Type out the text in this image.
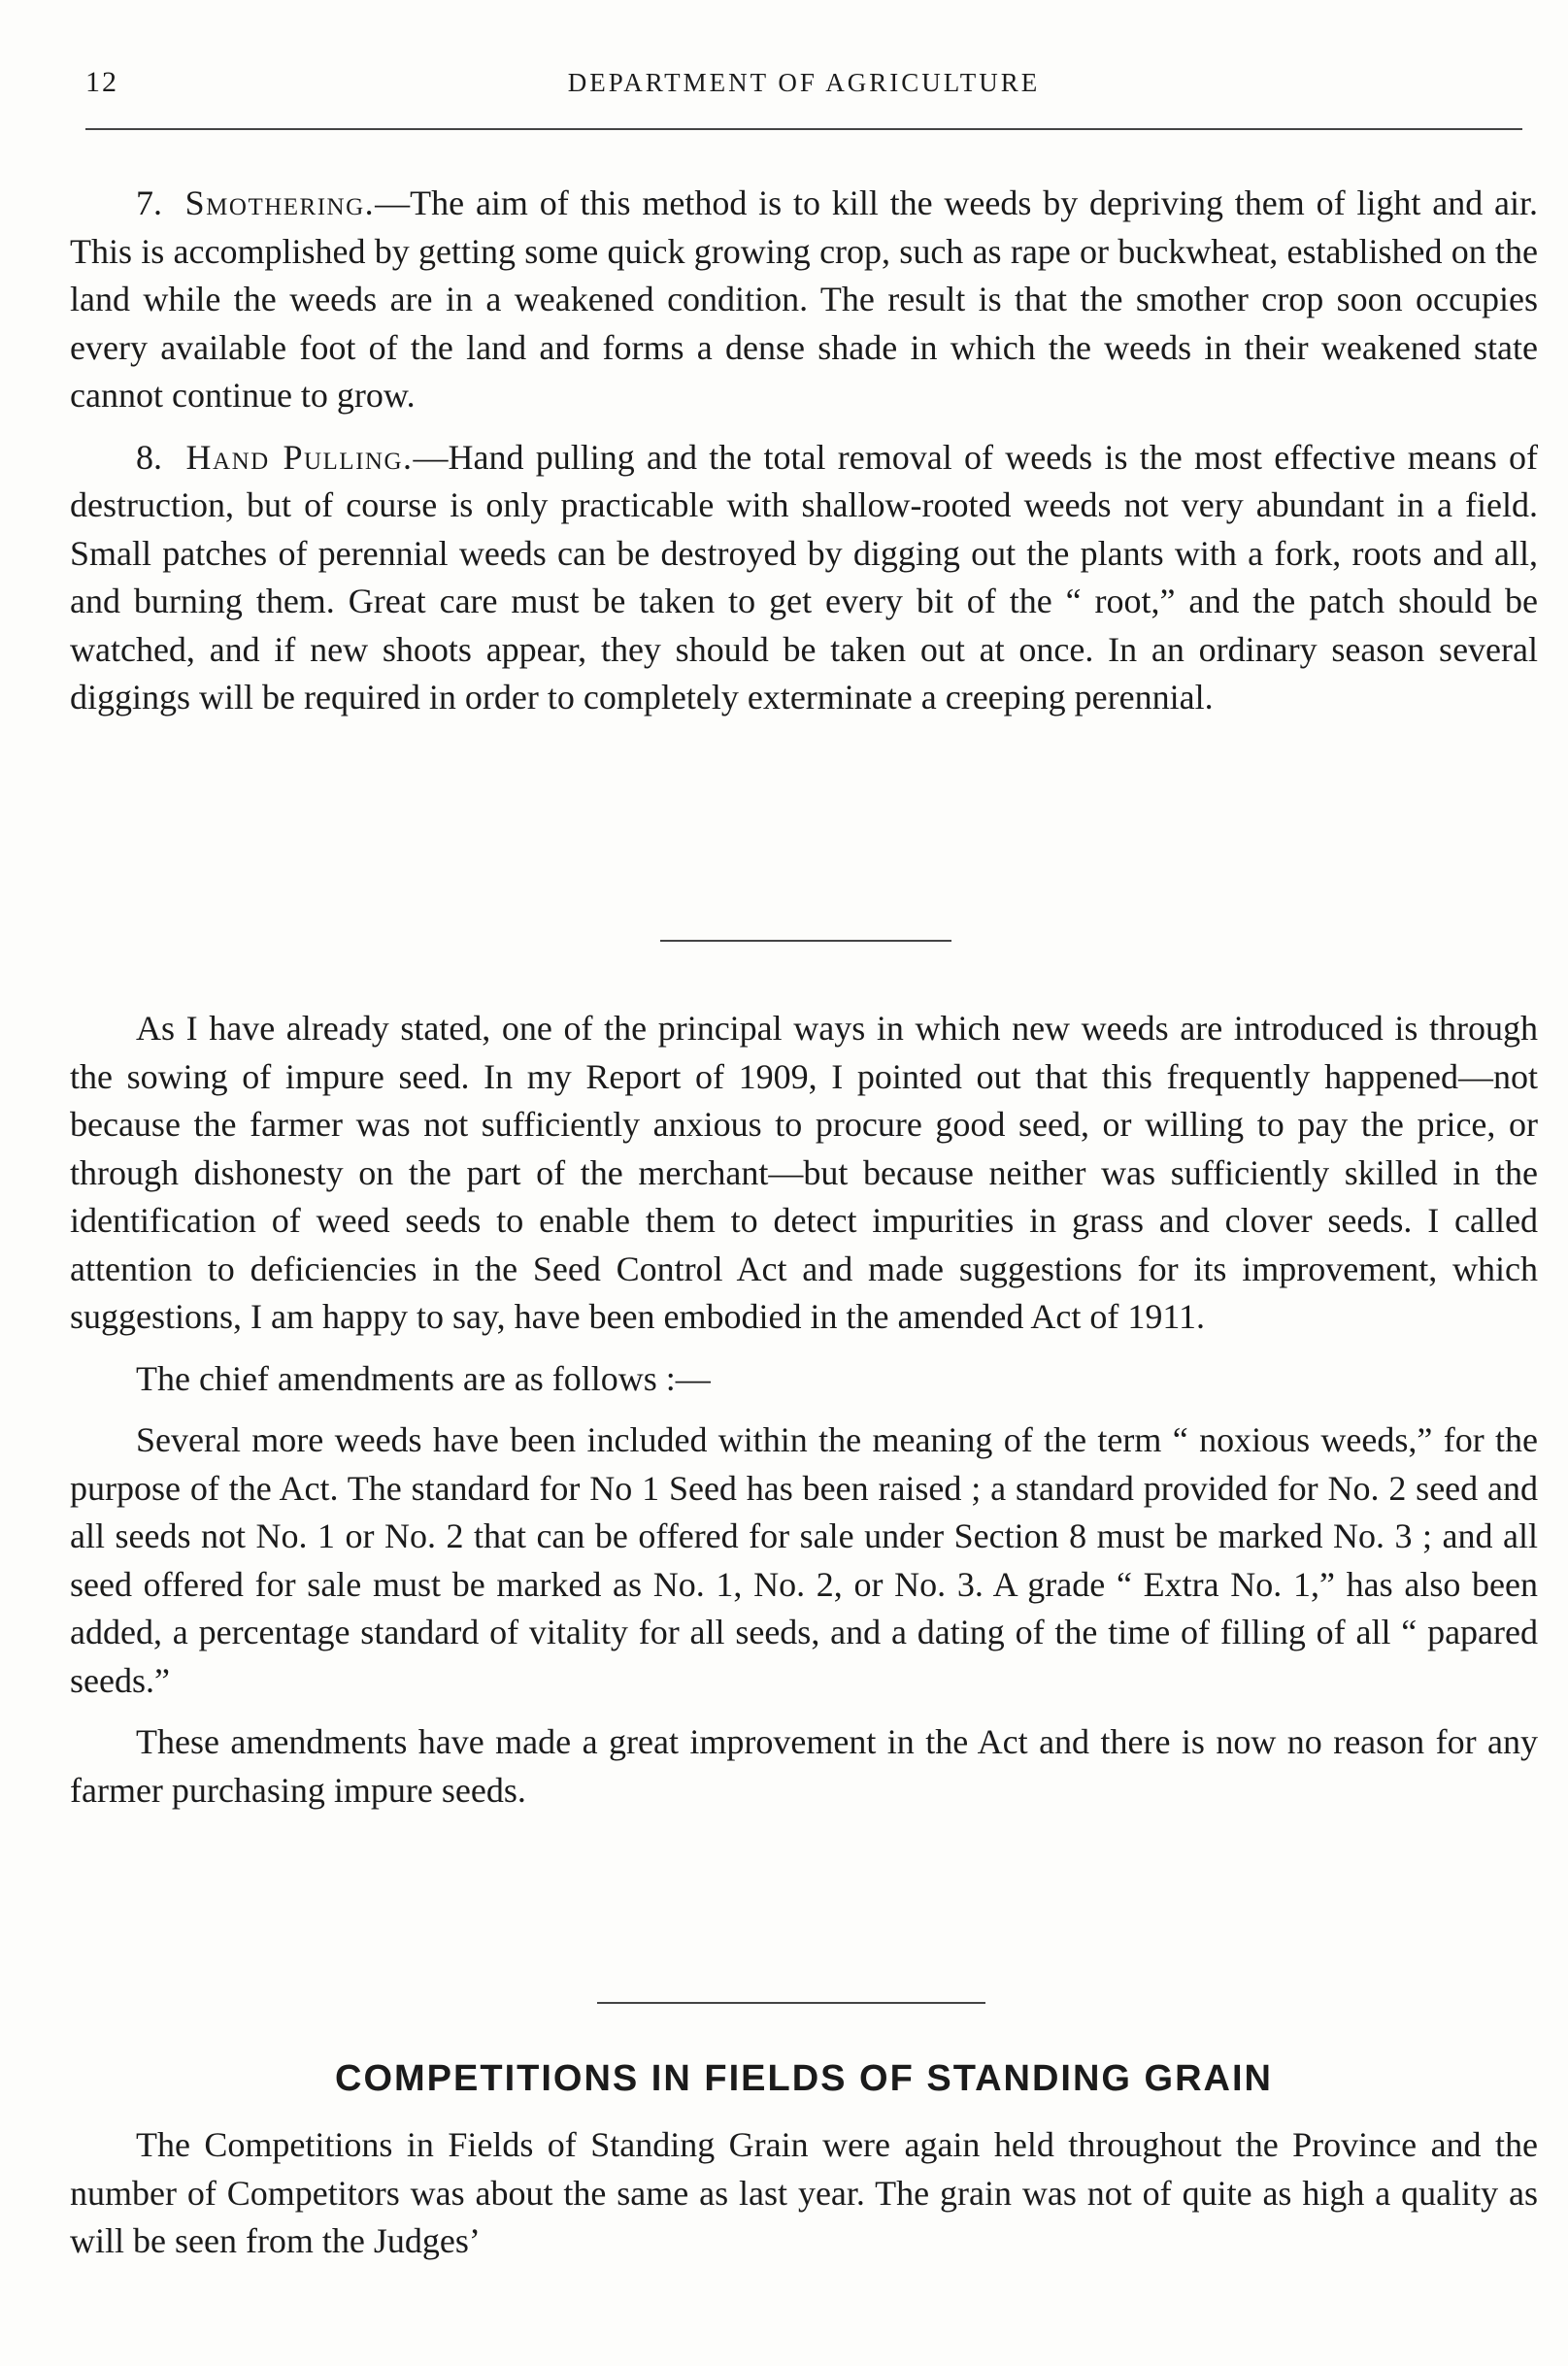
12	DEPARTMENT OF AGRICULTURE

7. Smothering.—The aim of this method is to kill the weeds by depriving them of light and air. This is accomplished by getting some quick growing crop, such as rape or buckwheat, established on the land while the weeds are in a weakened condition. The result is that the smother crop soon occupies every available foot of the land and forms a dense shade in which the weeds in their weakened state cannot continue to grow.

8. Hand Pulling.—Hand pulling and the total removal of weeds is the most effective means of destruction, but of course is only practicable with shallow-rooted weeds not very abundant in a field. Small patches of perennial weeds can be destroyed by digging out the plants with a fork, roots and all, and burning them. Great care must be taken to get every bit of the “ root,” and the patch should be watched, and if new shoots appear, they should be taken out at once. In an ordinary season several diggings will be required in order to completely exterminate a creeping perennial.

As I have already stated, one of the principal ways in which new weeds are introduced is through the sowing of impure seed. In my Report of 1909, I pointed out that this frequently happened—not because the farmer was not sufficiently anxious to procure good seed, or willing to pay the price, or through dishonesty on the part of the merchant—but because neither was sufficiently skilled in the identification of weed seeds to enable them to detect impurities in grass and clover seeds. I called attention to deficiencies in the Seed Control Act and made suggestions for its improvement, which suggestions, I am happy to say, have been embodied in the amended Act of 1911.

The chief amendments are as follows :—

Several more weeds have been included within the meaning of the term “ noxious weeds,” for the purpose of the Act. The standard for No 1 Seed has been raised ; a standard provided for No. 2 seed and all seeds not No. 1 or No. 2 that can be offered for sale under Section 8 must be marked No. 3 ; and all seed offered for sale must be marked as No. 1, No. 2, or No. 3. A grade “ Extra No. 1,” has also been added, a percentage standard of vitality for all seeds, and a dating of the time of filling of all “ papared seeds.”

These amendments have made a great improvement in the Act and there is now no reason for any farmer purchasing impure seeds.

COMPETITIONS IN FIELDS OF STANDING GRAIN

The Competitions in Fields of Standing Grain were again held throughout the Province and the number of Competitors was about the same as last year. The grain was not of quite as high a quality as will be seen from the Judges’
